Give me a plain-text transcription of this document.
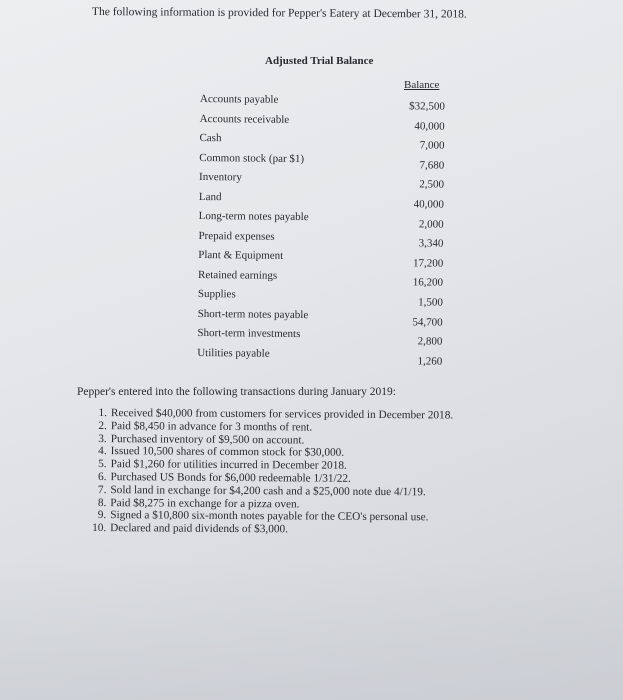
The following information is provided for Pepper's Eatery at December 31, 2018.
Adjusted Trial Balance
Balance
Accounts payable
Accounts receivable
Cash
Common stock (par $1)
Inventory
Land
Long-term notes payable
Prepaid expenses
Plant & Equipment
Retained earnings
Supplies
Short-term notes payable
Short-term investments
Utilities payable
$32,500
40,000
7,000
7,680
2,500
40,000
2,000
3,340
17,200
16,200
1,500
54,700
2,800
1,260
Pepper's entered into the following transactions during January 2019:
1. Received $40,000 from customers for services provided in December 2018.
2. Paid $8,450 in advance for 3 months of rent.
3. Purchased inventory of $9,500 on account.
4. Issued 10,500 shares of common stock for $30,000.
5. Paid $1,260 for utilities incurred in December 2018.
6. Purchased US Bonds for $6,000 redeemable 1/31/22.
7. Sold land in exchange for $4,200 cash and a $25,000 note due 4/1/19.
8. Paid $8,275 in exchange for a pizza oven.
9. Signed a $10,800 six-month notes payable for the CEO's personal use.
10. Declared and paid dividends of $3,000.
